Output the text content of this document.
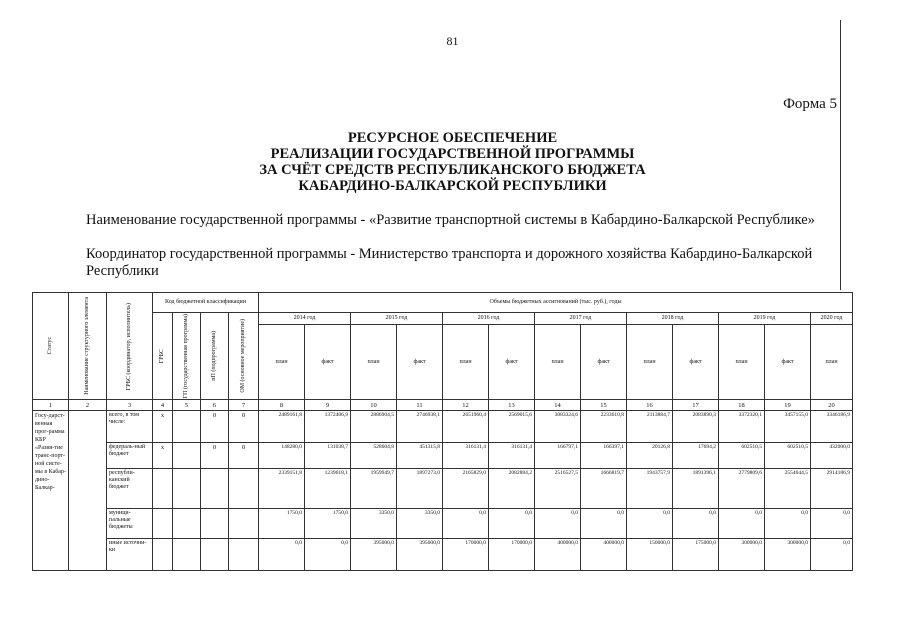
81
Форма 5
РЕСУРСНОЕ ОБЕСПЕЧЕНИЕ
РЕАЛИЗАЦИИ ГОСУДАРСТВЕННОЙ ПРОГРАММЫ
ЗА СЧЁТ СРЕДСТВ РЕСПУБЛИКАНСКОГО БЮДЖЕТА
КАБАРДИНО-БАЛКАРСКОЙ РЕСПУБЛИКИ
Наименование государственной программы - «Развитие транспортной системы в Кабардино-Балкарской Республике»
Координатор государственной программы - Министерство транспорта и дорожного хозяйства Кабардино-Балкарской Республики
Статус	Наименование структурного элемента	ГРБС (координатор, исполнитель)	Код бюджетной классификации				Объемы бюджетных ассигнований (тыс. руб.), годы												

			ГРБС	ГП (государственная программа)	пП (подпрограмма)	ОМ (основное мероприятие)	2014 год		2015 год		2016 год		2017 год		2018 год		2019 год		2020 год
							план	факт	план	факт	план	факт	план	факт	план	факт	план	факт	план
1	2	3	4	5	6	7	8	9	10	11	12	13	14	15	16	17	18	19	20
Госу-дарст-венная прог-рамма КБР «Разви-тие транс-порт-ной систе-мы в Кабар-дино-Балкар-		всего, в том числе:	x		0	0	2489161,8	1372406,9	2886904,5	2746938,1	2651960,4	2569015,6	3083324,6	2233610,8	2113884,7	2083890,3	3372320,1	3457155,0	3346186,9
		федераль-ный бюджет	x		0	0	148280,0	131038,7	528604,8	451315,8	316131,4	316131,4	166797,1	166397,1	20126,8	17694,2	602510,5	602510,5	432000,0
		республи-канский бюджет					2339151,8	1239618,1	1959949,7	1897273,0	2165829,0	2082884,2	2516527,5	1666819,7	1943757,9	1891396,1	2779809,6	2554644,5	2914186,9
		муници-пальные бюджеты					1750,0	1750,0	3350,0	3350,0	0,0	0,0	0,0	0,0	0,0	0,0	0,0	0,0	0,0
		иные источни-ки					0,0	0,0	395000,0	395000,0	170000,0	170000,0	400000,0	400000,0	150000,0	175000,0	300000,0	300000,0	0,0
